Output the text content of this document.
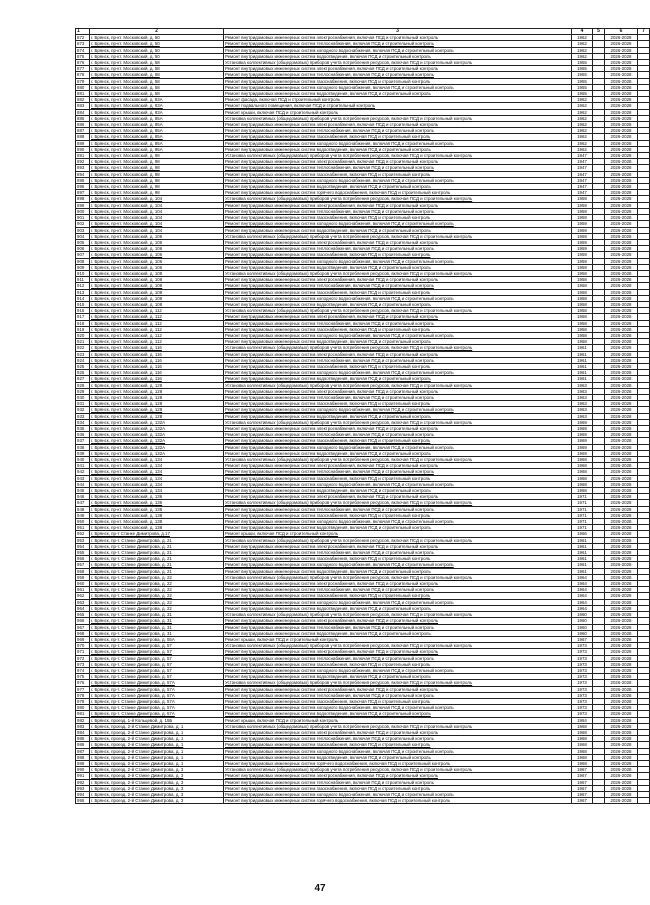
1	2	3	4	5	6	7
872	г. Брянск, пр-кт. Московский, д. 50	Ремонт внутридомовых инженерных систем электроснабжения, включая ПСД и строительный контроль	1962		2026-2028	
873	г. Брянск, пр-кт. Московский, д. 50	Ремонт внутридомовых инженерных систем теплоснабжения, включая ПСД и строительный контроль	1962		2026-2028	
874	г. Брянск, пр-кт. Московский, д. 50	Ремонт внутридомовых инженерных систем холодного водоснабжения, включая ПСД и строительный контроль	1962		2026-2028	
875	г. Брянск, пр-кт. Московский, д. 50	Ремонт внутридомовых инженерных систем водоотведения, включая ПСД и строительный контроль	1962		2026-2028	
876	г. Брянск, пр-кт. Московский, д. 58	Установка коллективных (общедомовых) приборов учета потребления ресурсов, включая ПСД и строительный контроль	1955		2026-2028	
877	г. Брянск, пр-кт. Московский, д. 58	Ремонт внутридомовых инженерных систем электроснабжения, включая ПСД и строительный контроль	1955		2026-2028	
878	г. Брянск, пр-кт. Московский, д. 58	Ремонт внутридомовых инженерных систем теплоснабжения, включая ПСД и строительный контроль	1955		2026-2028	
879	г. Брянск, пр-кт. Московский, д. 58	Ремонт внутридомовых инженерных систем газоснабжения, включая ПСД и строительный контроль	1955		2026-2028	
880	г. Брянск, пр-кт. Московский, д. 58	Ремонт внутридомовых инженерных систем холодного водоснабжения, включая ПСД и строительный контроль	1955		2026-2028	
881	г. Брянск, пр-кт. Московский, д. 58	Ремонт внутридомовых инженерных систем водоотведения, включая ПСД и строительный контроль	1955		2026-2028	
882	г. Брянск, пр-кт. Московский, д. 83А	Ремонт фасада, включая ПСД и строительный контроль	1962		2026-2028	
883	г. Брянск, пр-кт. Московский, д. 83А	Ремонт подвального помещения, включая ПСД и строительный контроль	1962		2026-2028	
884	г. Брянск, пр-кт. Московский, д. 83А	Ремонт крыши, включая ПСД и строительный контроль	1962		2026-2028	
885	г. Брянск, пр-кт. Московский, д. 85А	Установка коллективных (общедомовых) приборов учета потребления ресурсов, включая ПСД и строительный контроль	1962		2026-2028	
886	г. Брянск, пр-кт. Московский, д. 85А	Ремонт внутридомовых инженерных систем электроснабжения, включая ПСД и строительный контроль	1962		2026-2028	
887	г. Брянск, пр-кт. Московский, д. 85А	Ремонт внутридомовых инженерных систем теплоснабжения, включая ПСД и строительный контроль	1962		2026-2028	
888	г. Брянск, пр-кт. Московский, д. 85А	Ремонт внутридомовых инженерных систем газоснабжения, включая ПСД и строительный контроль	1962		2026-2028	
889	г. Брянск, пр-кт. Московский, д. 85А	Ремонт внутридомовых инженерных систем холодного водоснабжения, включая ПСД и строительный контроль	1962		2026-2028	
890	г. Брянск, пр-кт. Московский, д. 85А	Ремонт внутридомовых инженерных систем водоотведения, включая ПСД и строительный контроль	1962		2026-2028	
891	г. Брянск, пр-кт. Московский, д. 98	Установка коллективных (общедомовых) приборов учета потребления ресурсов, включая ПСД и строительный контроль	1947		2026-2028	
892	г. Брянск, пр-кт. Московский, д. 98	Ремонт внутридомовых инженерных систем электроснабжения, включая ПСД и строительный контроль	1947		2026-2028	
893	г. Брянск, пр-кт. Московский, д. 98	Ремонт внутридомовых инженерных систем теплоснабжения, включая ПСД и строительный контроль	1947		2026-2028	
894	г. Брянск, пр-кт. Московский, д. 98	Ремонт внутридомовых инженерных систем газоснабжения, включая ПСД и строительный контроль	1947		2026-2028	
895	г. Брянск, пр-кт. Московский, д. 98	Ремонт внутридомовых инженерных систем холодного водоснабжения, включая ПСД и строительный контроль	1947		2026-2028	
896	г. Брянск, пр-кт. Московский, д. 98	Ремонт внутридомовых инженерных систем водоотведения, включая ПСД и строительный контроль	1947		2026-2028	
897	г. Брянск, пр-кт. Московский, д. 98	Ремонт внутридомовых инженерных систем горячего водоснабжения, включая ПСД и строительный контроль	1947		2026-2028	
898	г. Брянск, пр-кт. Московский, д. 104	Установка коллективных (общедомовых) приборов учета потребления ресурсов, включая ПСД и строительный контроль	1959		2026-2028	
899	г. Брянск, пр-кт. Московский, д. 104	Ремонт внутридомовых инженерных систем электроснабжения, включая ПСД и строительный контроль	1959		2026-2028	
900	г. Брянск, пр-кт. Московский, д. 104	Ремонт внутридомовых инженерных систем теплоснабжения, включая ПСД и строительный контроль	1959		2026-2028	
901	г. Брянск, пр-кт. Московский, д. 104	Ремонт внутридомовых инженерных систем газоснабжения, включая ПСД и строительный контроль	1959		2026-2028	
902	г. Брянск, пр-кт. Московский, д. 104	Ремонт внутридомовых инженерных систем холодного водоснабжения, включая ПСД и строительный контроль	1959		2026-2028	
903	г. Брянск, пр-кт. Московский, д. 104	Ремонт внутридомовых инженерных систем водоотведения, включая ПСД и строительный контроль	1959		2026-2028	
904	г. Брянск, пр-кт. Московский, д. 106	Установка коллективных (общедомовых) приборов учета потребления ресурсов, включая ПСД и строительный контроль	1959		2026-2028	
905	г. Брянск, пр-кт. Московский, д. 106	Ремонт внутридомовых инженерных систем электроснабжения, включая ПСД и строительный контроль	1959		2026-2028	
906	г. Брянск, пр-кт. Московский, д. 106	Ремонт внутридомовых инженерных систем теплоснабжения, включая ПСД и строительный контроль	1959		2026-2028	
907	г. Брянск, пр-кт. Московский, д. 106	Ремонт внутридомовых инженерных систем газоснабжения, включая ПСД и строительный контроль	1959		2026-2028	
908	г. Брянск, пр-кт. Московский, д. 106	Ремонт внутридомовых инженерных систем холодного водоснабжения, включая ПСД и строительный контроль	1959		2026-2028	
909	г. Брянск, пр-кт. Московский, д. 106	Ремонт внутридомовых инженерных систем водоотведения, включая ПСД и строительный контроль	1959		2026-2028	
910	г. Брянск, пр-кт. Московский, д. 108	Установка коллективных (общедомовых) приборов учета потребления ресурсов, включая ПСД и строительный контроль	1958		2026-2028	
911	г. Брянск, пр-кт. Московский, д. 108	Ремонт внутридомовых инженерных систем электроснабжения, включая ПСД и строительный контроль	1958		2026-2028	
912	г. Брянск, пр-кт. Московский, д. 108	Ремонт внутридомовых инженерных систем теплоснабжения, включая ПСД и строительный контроль	1958		2026-2028	
913	г. Брянск, пр-кт. Московский, д. 108	Ремонт внутридомовых инженерных систем газоснабжения, включая ПСД и строительный контроль	1958		2026-2028	
914	г. Брянск, пр-кт. Московский, д. 108	Ремонт внутридомовых инженерных систем холодного водоснабжения, включая ПСД и строительный контроль	1958		2026-2028	
915	г. Брянск, пр-кт. Московский, д. 108	Ремонт внутридомовых инженерных систем водоотведения, включая ПСД и строительный контроль	1958		2026-2028	
916	г. Брянск, пр-кт. Московский, д. 112	Установка коллективных (общедомовых) приборов учета потребления ресурсов, включая ПСД и строительный контроль	1958		2026-2028	
917	г. Брянск, пр-кт. Московский, д. 112	Ремонт внутридомовых инженерных систем электроснабжения, включая ПСД и строительный контроль	1958		2026-2028	
918	г. Брянск, пр-кт. Московский, д. 112	Ремонт внутридомовых инженерных систем теплоснабжения, включая ПСД и строительный контроль	1958		2026-2028	
919	г. Брянск, пр-кт. Московский, д. 112	Ремонт внутридомовых инженерных систем газоснабжения, включая ПСД и строительный контроль	1958		2026-2028	
920	г. Брянск, пр-кт. Московский, д. 112	Ремонт внутридомовых инженерных систем холодного водоснабжения, включая ПСД и строительный контроль	1958		2026-2028	
921	г. Брянск, пр-кт. Московский, д. 112	Ремонт внутридомовых инженерных систем водоотведения, включая ПСД и строительный контроль	1958		2026-2028	
922	г. Брянск, пр-кт. Московский, д. 116	Установка коллективных (общедомовых) приборов учета потребления ресурсов, включая ПСД и строительный контроль	1961		2026-2028	
923	г. Брянск, пр-кт. Московский, д. 116	Ремонт внутридомовых инженерных систем электроснабжения, включая ПСД и строительный контроль	1961		2026-2028	
924	г. Брянск, пр-кт. Московский, д. 116	Ремонт внутридомовых инженерных систем теплоснабжения, включая ПСД и строительный контроль	1961		2026-2028	
925	г. Брянск, пр-кт. Московский, д. 116	Ремонт внутридомовых инженерных систем газоснабжения, включая ПСД и строительный контроль	1961		2026-2028	
926	г. Брянск, пр-кт. Московский, д. 116	Ремонт внутридомовых инженерных систем холодного водоснабжения, включая ПСД и строительный контроль	1961		2026-2028	
927	г. Брянск, пр-кт. Московский, д. 116	Ремонт внутридомовых инженерных систем водоотведения, включая ПСД и строительный контроль	1961		2026-2028	
928	г. Брянск, пр-кт. Московский, д. 128	Установка коллективных (общедомовых) приборов учета потребления ресурсов, включая ПСД и строительный контроль	1963		2026-2028	
929	г. Брянск, пр-кт. Московский, д. 128	Ремонт внутридомовых инженерных систем электроснабжения, включая ПСД и строительный контроль	1963		2026-2028	
930	г. Брянск, пр-кт. Московский, д. 128	Ремонт внутридомовых инженерных систем теплоснабжения, включая ПСД и строительный контроль	1963		2026-2028	
931	г. Брянск, пр-кт. Московский, д. 128	Ремонт внутридомовых инженерных систем газоснабжения, включая ПСД и строительный контроль	1963		2026-2028	
932	г. Брянск, пр-кт. Московский, д. 128	Ремонт внутридомовых инженерных систем холодного водоснабжения, включая ПСД и строительный контроль	1963		2026-2028	
933	г. Брянск, пр-кт. Московский, д. 128	Ремонт внутридомовых инженерных систем водоотведения, включая ПСД и строительный контроль	1963		2026-2028	
934	г. Брянск, пр-кт. Московский, д. 132А	Установка коллективных (общедомовых) приборов учета потребления ресурсов, включая ПСД и строительный контроль	1969		2026-2028	
935	г. Брянск, пр-кт. Московский, д. 132А	Ремонт внутридомовых инженерных систем электроснабжения, включая ПСД и строительный контроль	1969		2026-2028	
936	г. Брянск, пр-кт. Московский, д. 132А	Ремонт внутридомовых инженерных систем теплоснабжения, включая ПСД и строительный контроль	1969		2026-2028	
937	г. Брянск, пр-кт. Московский, д. 132А	Ремонт внутридомовых инженерных систем газоснабжения, включая ПСД и строительный контроль	1969		2026-2028	
938	г. Брянск, пр-кт. Московский, д. 132А	Ремонт внутридомовых инженерных систем холодного водоснабжения, включая ПСД и строительный контроль	1969		2026-2028	
939	г. Брянск, пр-кт. Московский, д. 132А	Ремонт внутридомовых инженерных систем водоотведения, включая ПСД и строительный контроль	1969		2026-2028	
940	г. Брянск, пр-кт. Московский, д. 134	Установка коллективных (общедомовых) приборов учета потребления ресурсов, включая ПСД и строительный контроль	1968		2026-2028	
941	г. Брянск, пр-кт. Московский, д. 134	Ремонт внутридомовых инженерных систем электроснабжения, включая ПСД и строительный контроль	1968		2026-2028	
942	г. Брянск, пр-кт. Московский, д. 134	Ремонт внутридомовых инженерных систем теплоснабжения, включая ПСД и строительный контроль	1968		2026-2028	
943	г. Брянск, пр-кт. Московский, д. 134	Ремонт внутридомовых инженерных систем газоснабжения, включая ПСД и строительный контроль	1968		2026-2028	
944	г. Брянск, пр-кт. Московский, д. 134	Ремонт внутридомовых инженерных систем холодного водоснабжения, включая ПСД и строительный контроль	1968		2026-2028	
945	г. Брянск, пр-кт. Московский, д. 134	Ремонт внутридомовых инженерных систем водоотведения, включая ПСД и строительный контроль	1968		2026-2028	
946	г. Брянск, пр-кт. Московский, д. 136	Ремонт внутридомовых инженерных систем электроснабжения, включая ПСД и строительный контроль	1971		2026-2028	
947	г. Брянск, пр-кт. Московский, д. 136	Установка коллективных (общедомовых) приборов учета потребления ресурсов, включая ПСД и строительный контроль	1971		2026-2028	
948	г. Брянск, пр-кт. Московский, д. 138	Ремонт внутридомовых инженерных систем теплоснабжения, включая ПСД и строительный контроль	1971		2026-2028	
949	г. Брянск, пр-кт. Московский, д. 138	Ремонт внутридомовых инженерных систем газоснабжения, включая ПСД и строительный контроль	1971		2026-2028	
950	г. Брянск, пр-кт. Московский, д. 138	Ремонт внутридомовых инженерных систем холодного водоснабжения, включая ПСД и строительный контроль	1971		2026-2028	
951	г. Брянск, пр-кт. Московский, д. 138	Ремонт внутридомовых инженерных систем водоотведения, включая ПСД и строительный контроль	1971		2026-2028	
952	г. Брянск, пр-т Станке Димитрова, д.17	Ремонт крыши, включая ПСД и строительный контроль	1966		2026-2028	
953	г. Брянск, пр-т. Станке Димитрова, д. 21	Установка коллективных (общедомовых) приборов учета потребления ресурсов, включая ПСД и строительный контроль	1961		2026-2028	
954	г. Брянск, пр-т. Станке Димитрова, д. 21	Ремонт внутридомовых инженерных систем электроснабжения, включая ПСД и строительный контроль	1961		2026-2028	
955	г. Брянск, пр-т. Станке Димитрова, д. 21	Ремонт внутридомовых инженерных систем теплоснабжения, включая ПСД и строительный контроль	1961		2026-2028	
956	г. Брянск, пр-т. Станке Димитрова, д. 21	Ремонт внутридомовых инженерных систем газоснабжения, включая ПСД и строительный контроль	1961		2026-2028	
957	г. Брянск, пр-т. Станке Димитрова, д. 21	Ремонт внутридомовых инженерных систем холодного водоснабжения, включая ПСД и строительный контроль	1961		2026-2028	
958	г. Брянск, пр-т. Станке Димитрова, д. 21	Ремонт внутридомовых инженерных систем водоотведения, включая ПСД и строительный контроль	1961		2026-2028	
959	г. Брянск, пр-т. Станке Димитрова, д. 22	Установка коллективных (общедомовых) приборов учета потребления ресурсов, включая ПСД и строительный контроль	1964		2026-2028	
960	г. Брянск, пр-т. Станке Димитрова, д. 22	Ремонт внутридомовых инженерных систем электроснабжения, включая ПСД и строительный контроль	1964		2026-2028	
961	г. Брянск, пр-т. Станке Димитрова, д. 22	Ремонт внутридомовых инженерных систем теплоснабжения, включая ПСД и строительный контроль	1964		2026-2028	
962	г. Брянск, пр-т. Станке Димитрова, д. 22	Ремонт внутридомовых инженерных систем газоснабжения, включая ПСД и строительный контроль	1964		2026-2028	
963	г. Брянск, пр-т. Станке Димитрова, д. 22	Ремонт внутридомовых инженерных систем холодного водоснабжения, включая ПСД и строительный контроль	1964		2026-2028	
964	г. Брянск, пр-т. Станке Димитрова, д. 22	Ремонт внутридомовых инженерных систем водоотведения, включая ПСД и строительный контроль	1964		2026-2028	
965	г. Брянск, пр-т. Станке Димитрова, д. 31	Установка коллективных (общедомовых) приборов учета потребления ресурсов, включая ПСД и строительный контроль	1960		2026-2028	
966	г. Брянск, пр-т. Станке Димитрова, д. 31	Ремонт внутридомовых инженерных систем электроснабжения, включая ПСД и строительный контроль	1960		2026-2028	
967	г. Брянск, пр-т. Станке Димитрова, д. 31	Ремонт внутридомовых инженерных систем теплоснабжения, включая ПСД и строительный контроль	1960		2026-2028	
968	г. Брянск, пр-т. Станке Димитрова, д. 31	Ремонт внутридомовых инженерных систем водоотведения, включая ПСД и строительный контроль	1960		2026-2028	
969	г. Брянск, пр-т. Станке Димитрова, д. 55А	Ремонт крыши, включая ПСД и строительный контроль	1967		2026-2028	
970	г. Брянск, пр-т. Станке Димитрова, д. 57	Установка коллективных (общедомовых) приборов учета потребления ресурсов, включая ПСД и строительный контроль	1973		2026-2028	
971	г. Брянск, пр-т. Станке Димитрова, д. 57	Ремонт внутридомовых инженерных систем электроснабжения, включая ПСД и строительный контроль	1973		2026-2028	
972	г. Брянск, пр-т. Станке Димитрова, д. 57	Ремонт внутридомовых инженерных систем теплоснабжения, включая ПСД и строительный контроль	1973		2026-2028	
973	г. Брянск, пр-т. Станке Димитрова, д. 57	Ремонт внутридомовых инженерных систем газоснабжения, включая ПСД и строительный контроль	1973		2026-2028	
974	г. Брянск, пр-т. Станке Димитрова, д. 57	Ремонт внутридомовых инженерных систем холодного водоснабжения, включая ПСД и строительный контроль	1973		2026-2028	
975	г. Брянск, пр-т. Станке Димитрова, д. 57	Ремонт внутридомовых инженерных систем водоотведения, включая ПСД и строительный контроль	1973		2026-2028	
976	г. Брянск, пр-т. Станке Димитрова, д. 57А	Установка коллективных (общедомовых) приборов учета потребления ресурсов, включая ПСД и строительный контроль	1973		2026-2028	
977	г. Брянск, пр-т. Станке Димитрова, д. 57А	Ремонт внутридомовых инженерных систем электроснабжения, включая ПСД и строительный контроль	1973		2026-2028	
978	г. Брянск, пр-т. Станке Димитрова, д. 57А	Ремонт внутридомовых инженерных систем теплоснабжения, включая ПСД и строительный контроль	1973		2026-2028	
979	г. Брянск, пр-т. Станке Димитрова, д. 57А	Ремонт внутридомовых инженерных систем газоснабжения, включая ПСД и строительный контроль	1973		2026-2028	
980	г. Брянск, пр-т. Станке Димитрова, д. 57А	Ремонт внутридомовых инженерных систем холодного водоснабжения, включая ПСД и строительный контроль	1973		2026-2028	
981	г. Брянск, пр-т. Станке Димитрова, д. 57А	Ремонт внутридомовых инженерных систем водоотведения, включая ПСД и строительный контроль	1973		2026-2028	
982	г. Брянск, проезд. 1-й Кольцевой, д. 15Б	Ремонт крыши, включая ПСД и строительный контроль	1984		2026-2028	
983	г. Брянск, проезд. 2-й Станке Димитрова, д. 1	Установка коллективных (общедомовых) приборов учета потребления ресурсов, включая ПСД и строительный контроль	1968		2026-2028	
984	г. Брянск, проезд. 2-й Станке Димитрова, д. 1	Ремонт внутридомовых инженерных систем электроснабжения, включая ПСД и строительный контроль	1968		2026-2028	
985	г. Брянск, проезд. 2-й Станке Димитрова, д. 1	Ремонт внутридомовых инженерных систем теплоснабжения, включая ПСД и строительный контроль	1968		2026-2028	
986	г. Брянск, проезд. 2-й Станке Димитрова, д. 1	Ремонт внутридомовых инженерных систем газоснабжения, включая ПСД и строительный контроль	1968		2026-2028	
987	г. Брянск, проезд. 2-й Станке Димитрова, д. 1	Ремонт внутридомовых инженерных систем холодного водоснабжения, включая ПСД и строительный контроль	1968		2026-2028	
988	г. Брянск, проезд. 2-й Станке Димитрова, д. 1	Ремонт внутридомовых инженерных систем водоотведения, включая ПСД и строительный контроль	1968		2026-2028	
989	г. Брянск, проезд. 2-й Станке Димитрова, д. 1	Ремонт внутридомовых инженерных систем горячего водоснабжения, включая ПСД и строительный контроль	1968		2026-2028	
990	г. Брянск, проезд. 2-й Станке Димитрова, д. 3	Установка коллективных (общедомовых) приборов учета потребления ресурсов, включая ПСД и строительный контроль	1967		2026-2028	
991	г. Брянск, проезд. 2-й Станке Димитрова, д. 3	Ремонт внутридомовых инженерных систем электроснабжения, включая ПСД и строительный контроль	1967		2026-2028	
992	г. Брянск, проезд. 2-й Станке Димитрова, д. 3	Ремонт внутридомовых инженерных систем теплоснабжения, включая ПСД и строительный контроль	1967		2026-2028	
993	г. Брянск, проезд. 2-й Станке Димитрова, д. 3	Ремонт внутридомовых инженерных систем газоснабжения, включая ПСД и строительный контроль	1967		2026-2028	
994	г. Брянск, проезд. 2-й Станке Димитрова, д. 3	Ремонт внутридомовых инженерных систем холодного водоснабжения, включая ПСД и строительный контроль	1967		2026-2028	
995	г. Брянск, проезд. 2-й Станке Димитрова, д. 3	Ремонт внутридомовых инженерных систем горячего водоснабжения, включая ПСД и строительный контроль	1967		2026-2028	
47
